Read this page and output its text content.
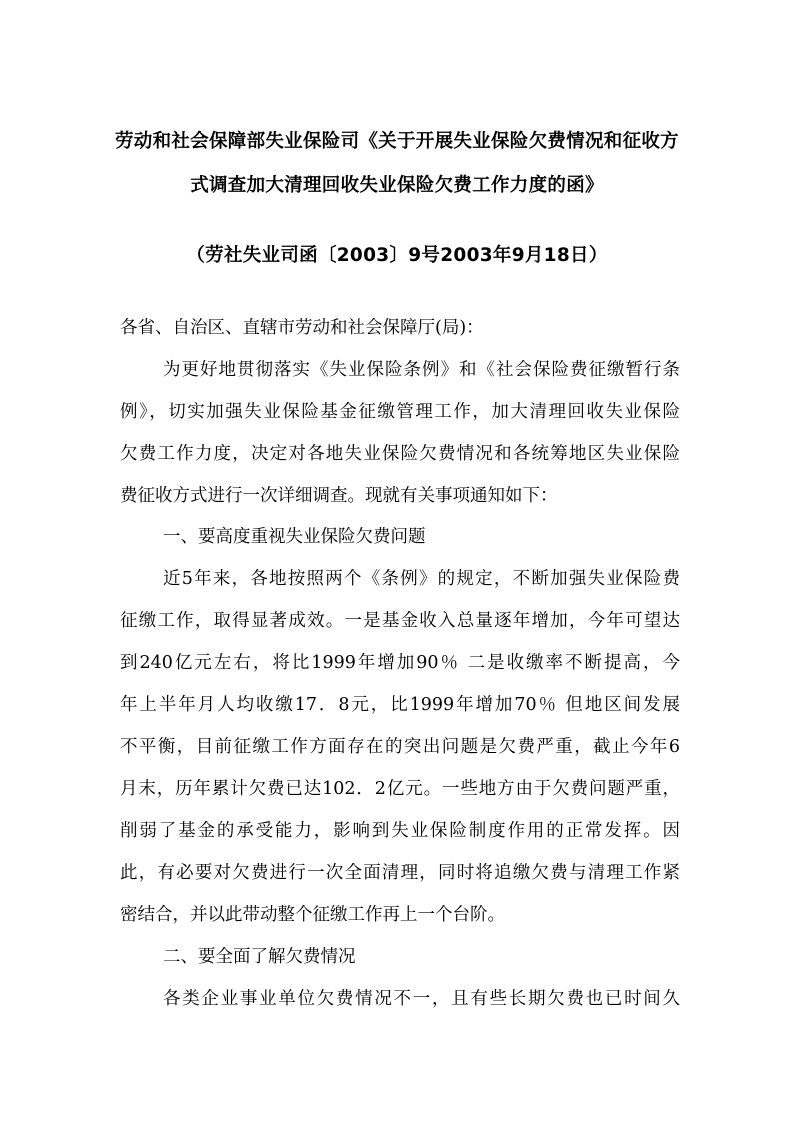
劳动和社会保障部失业保险司《关于开展失业保险欠费情况和征收方
式调查加大清理回收失业保险欠费工作力度的函》
（劳社失业司函〔2003〕9号2003年9月18日）
各省、自治区、直辖市劳动和社会保障厅(局)：
为更好地贯彻落实《失业保险条例》和《社会保险费征缴暂行条
例》，切实加强失业保险基金征缴管理工作，加大清理回收失业保险
欠费工作力度，决定对各地失业保险欠费情况和各统筹地区失业保险
费征收方式进行一次详细调查。现就有关事项通知如下：
一、要高度重视失业保险欠费问题
近5年来，各地按照两个《条例》的规定，不断加强失业保险费
征缴工作，取得显著成效。一是基金收入总量逐年增加，今年可望达
到240亿元左右，将比1999年增加90％ 二是收缴率不断提高，今
年上半年月人均收缴17．8元，比1999年增加70％ 但地区间发展
不平衡，目前征缴工作方面存在的突出问题是欠费严重，截止今年6
月末，历年累计欠费已达102．2亿元。一些地方由于欠费问题严重，
削弱了基金的承受能力，影响到失业保险制度作用的正常发挥。因
此，有必要对欠费进行一次全面清理，同时将追缴欠费与清理工作紧
密结合，并以此带动整个征缴工作再上一个台阶。
二、要全面了解欠费情况
各类企业事业单位欠费情况不一，且有些长期欠费也已时间久
